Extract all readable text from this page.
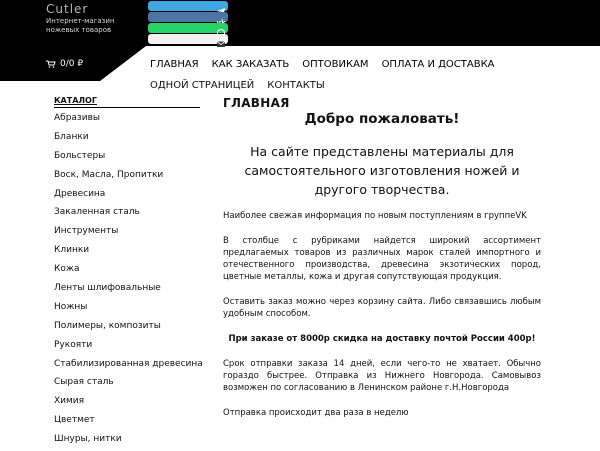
Cutler
Интернет-магазин ножевых товаров
0/0 ₽	ГЛАВНАЯ КАК ЗАКАЗАТЬ ОПТОВИКАМ ОПЛАТА И ДОСТАВКА
ОДНОЙ СТРАНИЦЕЙ КОНТАКТЫ
КАТАЛОГ
Абразивы
Бланки
Больстеры
Воск, Масла, Пропитки
Древесина
Закаленная сталь
Инструменты
Клинки
Кожа
Ленты шлифовальные
Ножны
Полимеры, композиты
Рукояти
Стабилизированная древесина
Сырая сталь
Химия
Цветмет
Шнуры, нитки
ГЛАВНАЯ
Добро пожаловать!
На сайте представлены материалы для самостоятельного изготовления ножей и другого творчества.
Наиболее свежая информация по новым поступлениям в группеVK
В столбце с рубриками найдется широкий ассортимент предлагаемых товаров из различных марок сталей импортного и отечественного производства, древесина экзотических пород, цветные металлы, кожа и другая сопутствующая продукция.
Оставить заказ можно через корзину сайта. Либо связавшись любым удобным способом.
При заказе от 8000р скидка на доставку почтой России 400р!
Срок отправки заказа 14 дней, если чего-то не хватает. Обычно гораздо быстрее. Отправка из Нижнего Новгорода. Самовывоз возможен по согласованию в Ленинском районе г.Н.Новгорода
Отправка происходит два раза в неделю
